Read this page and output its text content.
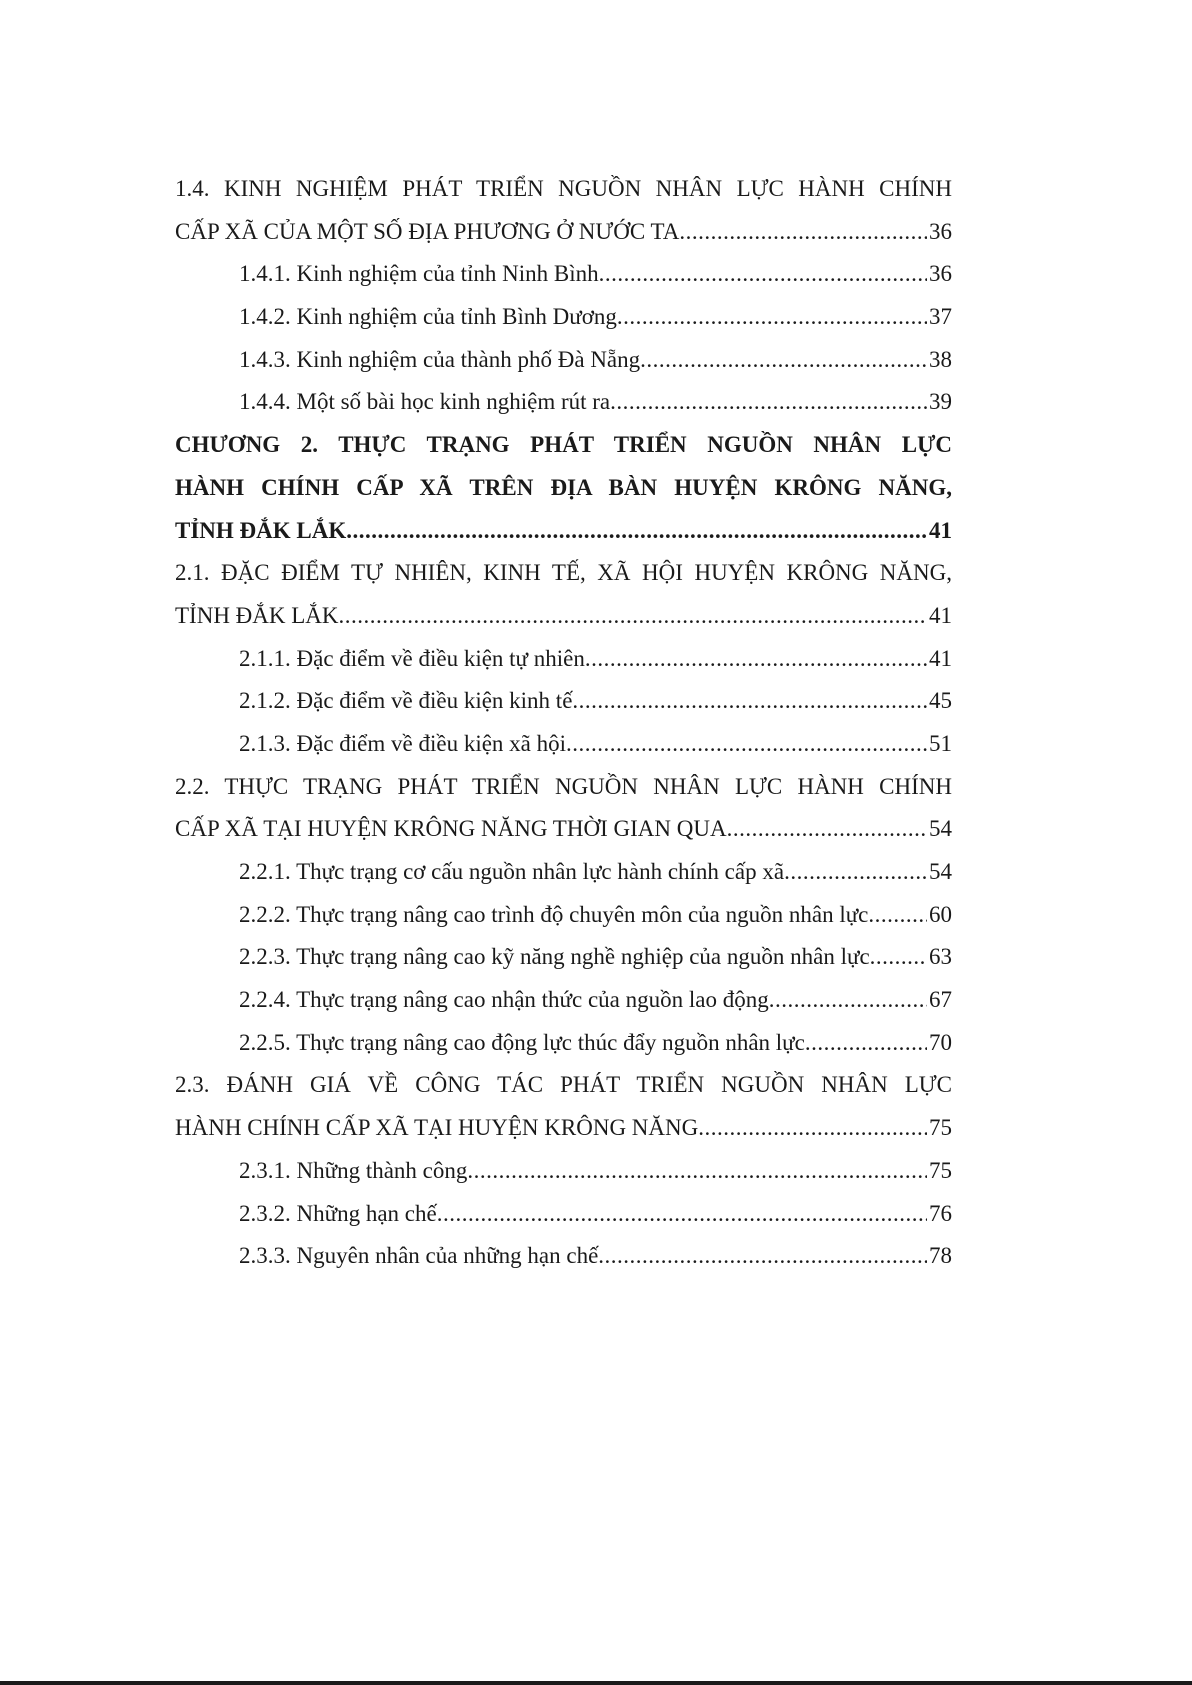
1.4. KINH NGHIỆM PHÁT TRIỂN NGUỒN NHÂN LỰC HÀNH CHÍNH
CẤP XÃ CỦA MỘT SỐ ĐỊA PHƯƠNG Ở NƯỚC TA .....	36
1.4.1. Kinh nghiệm của tỉnh Ninh Bình .....	36
1.4.2. Kinh nghiệm của tỉnh Bình Dương .....	37
1.4.3. Kinh nghiệm của thành phố Đà Nẵng .....	38
1.4.4. Một số bài học kinh nghiệm rút ra .....	39
CHƯƠNG 2. THỰC TRẠNG PHÁT TRIỂN NGUỒN NHÂN LỰC
HÀNH CHÍNH CẤP XÃ TRÊN ĐỊA BÀN HUYỆN KRÔNG NĂNG,
TỈNH ĐẮK LẮK .....	41
2.1. ĐẶC ĐIỂM TỰ NHIÊN, KINH TẾ, XÃ HỘI HUYỆN KRÔNG NĂNG,
TỈNH ĐẮK LẮK .....	41
2.1.1. Đặc điểm về điều kiện tự nhiên .....	41
2.1.2. Đặc điểm về điều kiện kinh tế .....	45
2.1.3. Đặc điểm về điều kiện xã hội .....	51
2.2. THỰC TRẠNG PHÁT TRIỂN NGUỒN NHÂN LỰC HÀNH CHÍNH
CẤP XÃ TẠI HUYỆN KRÔNG NĂNG THỜI GIAN QUA .....	54
2.2.1. Thực trạng cơ cấu nguồn nhân lực hành chính cấp xã .....	54
2.2.2. Thực trạng nâng cao trình độ chuyên môn của nguồn nhân lực .....	60
2.2.3. Thực trạng nâng cao kỹ năng nghề nghiệp của nguồn nhân lực .....	63
2.2.4. Thực trạng nâng cao nhận thức của nguồn lao động .....	67
2.2.5. Thực trạng nâng cao động lực thúc đẩy nguồn nhân lực .....	70
2.3. ĐÁNH GIÁ VỀ CÔNG TÁC PHÁT TRIỂN NGUỒN NHÂN LỰC
HÀNH CHÍNH CẤP XÃ TẠI HUYỆN KRÔNG NĂNG .....	75
2.3.1. Những thành công .....	75
2.3.2. Những hạn chế .....	76
2.3.3. Nguyên nhân của những hạn chế .....	78
